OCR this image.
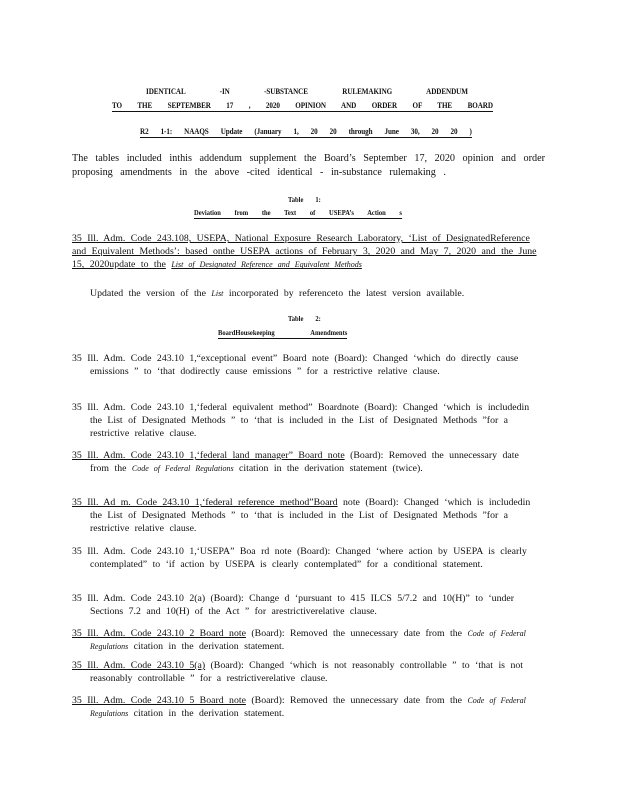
IDENTICAL -IN -SUBSTANCE RULEMAKING ADDENDUM
TO THE SEPTEMBER 17 , 2020 OPINION AND ORDER OF THE BOARD
R2 1-1: NAAQS Update (January 1, 20 20 through June 30, 20 20 )
The tables included inthis addendum supplement the Board’s September 17, 2020 opinion and order proposing amendments in the above -cited identical - in-substance rulemaking .
Table 1:
Deviation from the Text of USEPA’s Action s
35 Ill. Adm. Code 243.108, USEPA, National Exposure Research Laboratory, ‘List of DesignatedReference and Equivalent Methods’: based onthe USEPA actions of February 3, 2020 and May 7, 2020 and the June 15, 2020update to the List of Designated Reference and Equivalent Methods
Updated the version of the List incorporated by referenceto the latest version available.
Table 2:
BoardHousekeeping Amendments
35 Ill. Adm. Code 243.10 1,“exceptional event” Board note (Board): Changed ‘which do directly cause emissions ” to ‘that dodirectly cause emissions ” for a restrictive relative clause.
35 Ill. Adm. Code 243.10 1,‘federal equivalent method” Boardnote (Board): Changed ‘which is includedin the List of Designated Methods ” to ‘that is included in the List of Designated Methods ”for a restrictive relative clause.
35 Ill. Adm. Code 243.10 1,‘federal land manager” Board note (Board): Removed the unnecessary date from the Code of Federal Regulations citation in the derivation statement (twice).
35 Ill. Ad m. Code 243.10 1,‘federal reference method”Board note (Board): Changed ‘which is includedin the List of Designated Methods ” to ‘that is included in the List of Designated Methods ”for a restrictive relative clause.
35 Ill. Adm. Code 243.10 1,‘USEPA” Boa rd note (Board): Changed ‘where action by USEPA is clearly contemplated” to ‘if action by USEPA is clearly contemplated” for a conditional statement.
35 Ill. Adm. Code 243.10 2(a) (Board): Change d ‘pursuant to 415 ILCS 5/7.2 and 10(H)” to ‘under Sections 7.2 and 10(H) of the Act ” for arestrictiverelative clause.
35 Ill. Adm. Code 243.10 2 Board note (Board): Removed the unnecessary date from the Code of Federal Regulations citation in the derivation statement.
35 Ill. Adm. Code 243.10 5(a) (Board): Changed ‘which is not reasonably controllable ” to ‘that is not reasonably controllable ” for a restrictiverelative clause.
35 Ill. Adm. Code 243.10 5 Board note (Board): Removed the unnecessary date from the Code of Federal Regulations citation in the derivation statement.
